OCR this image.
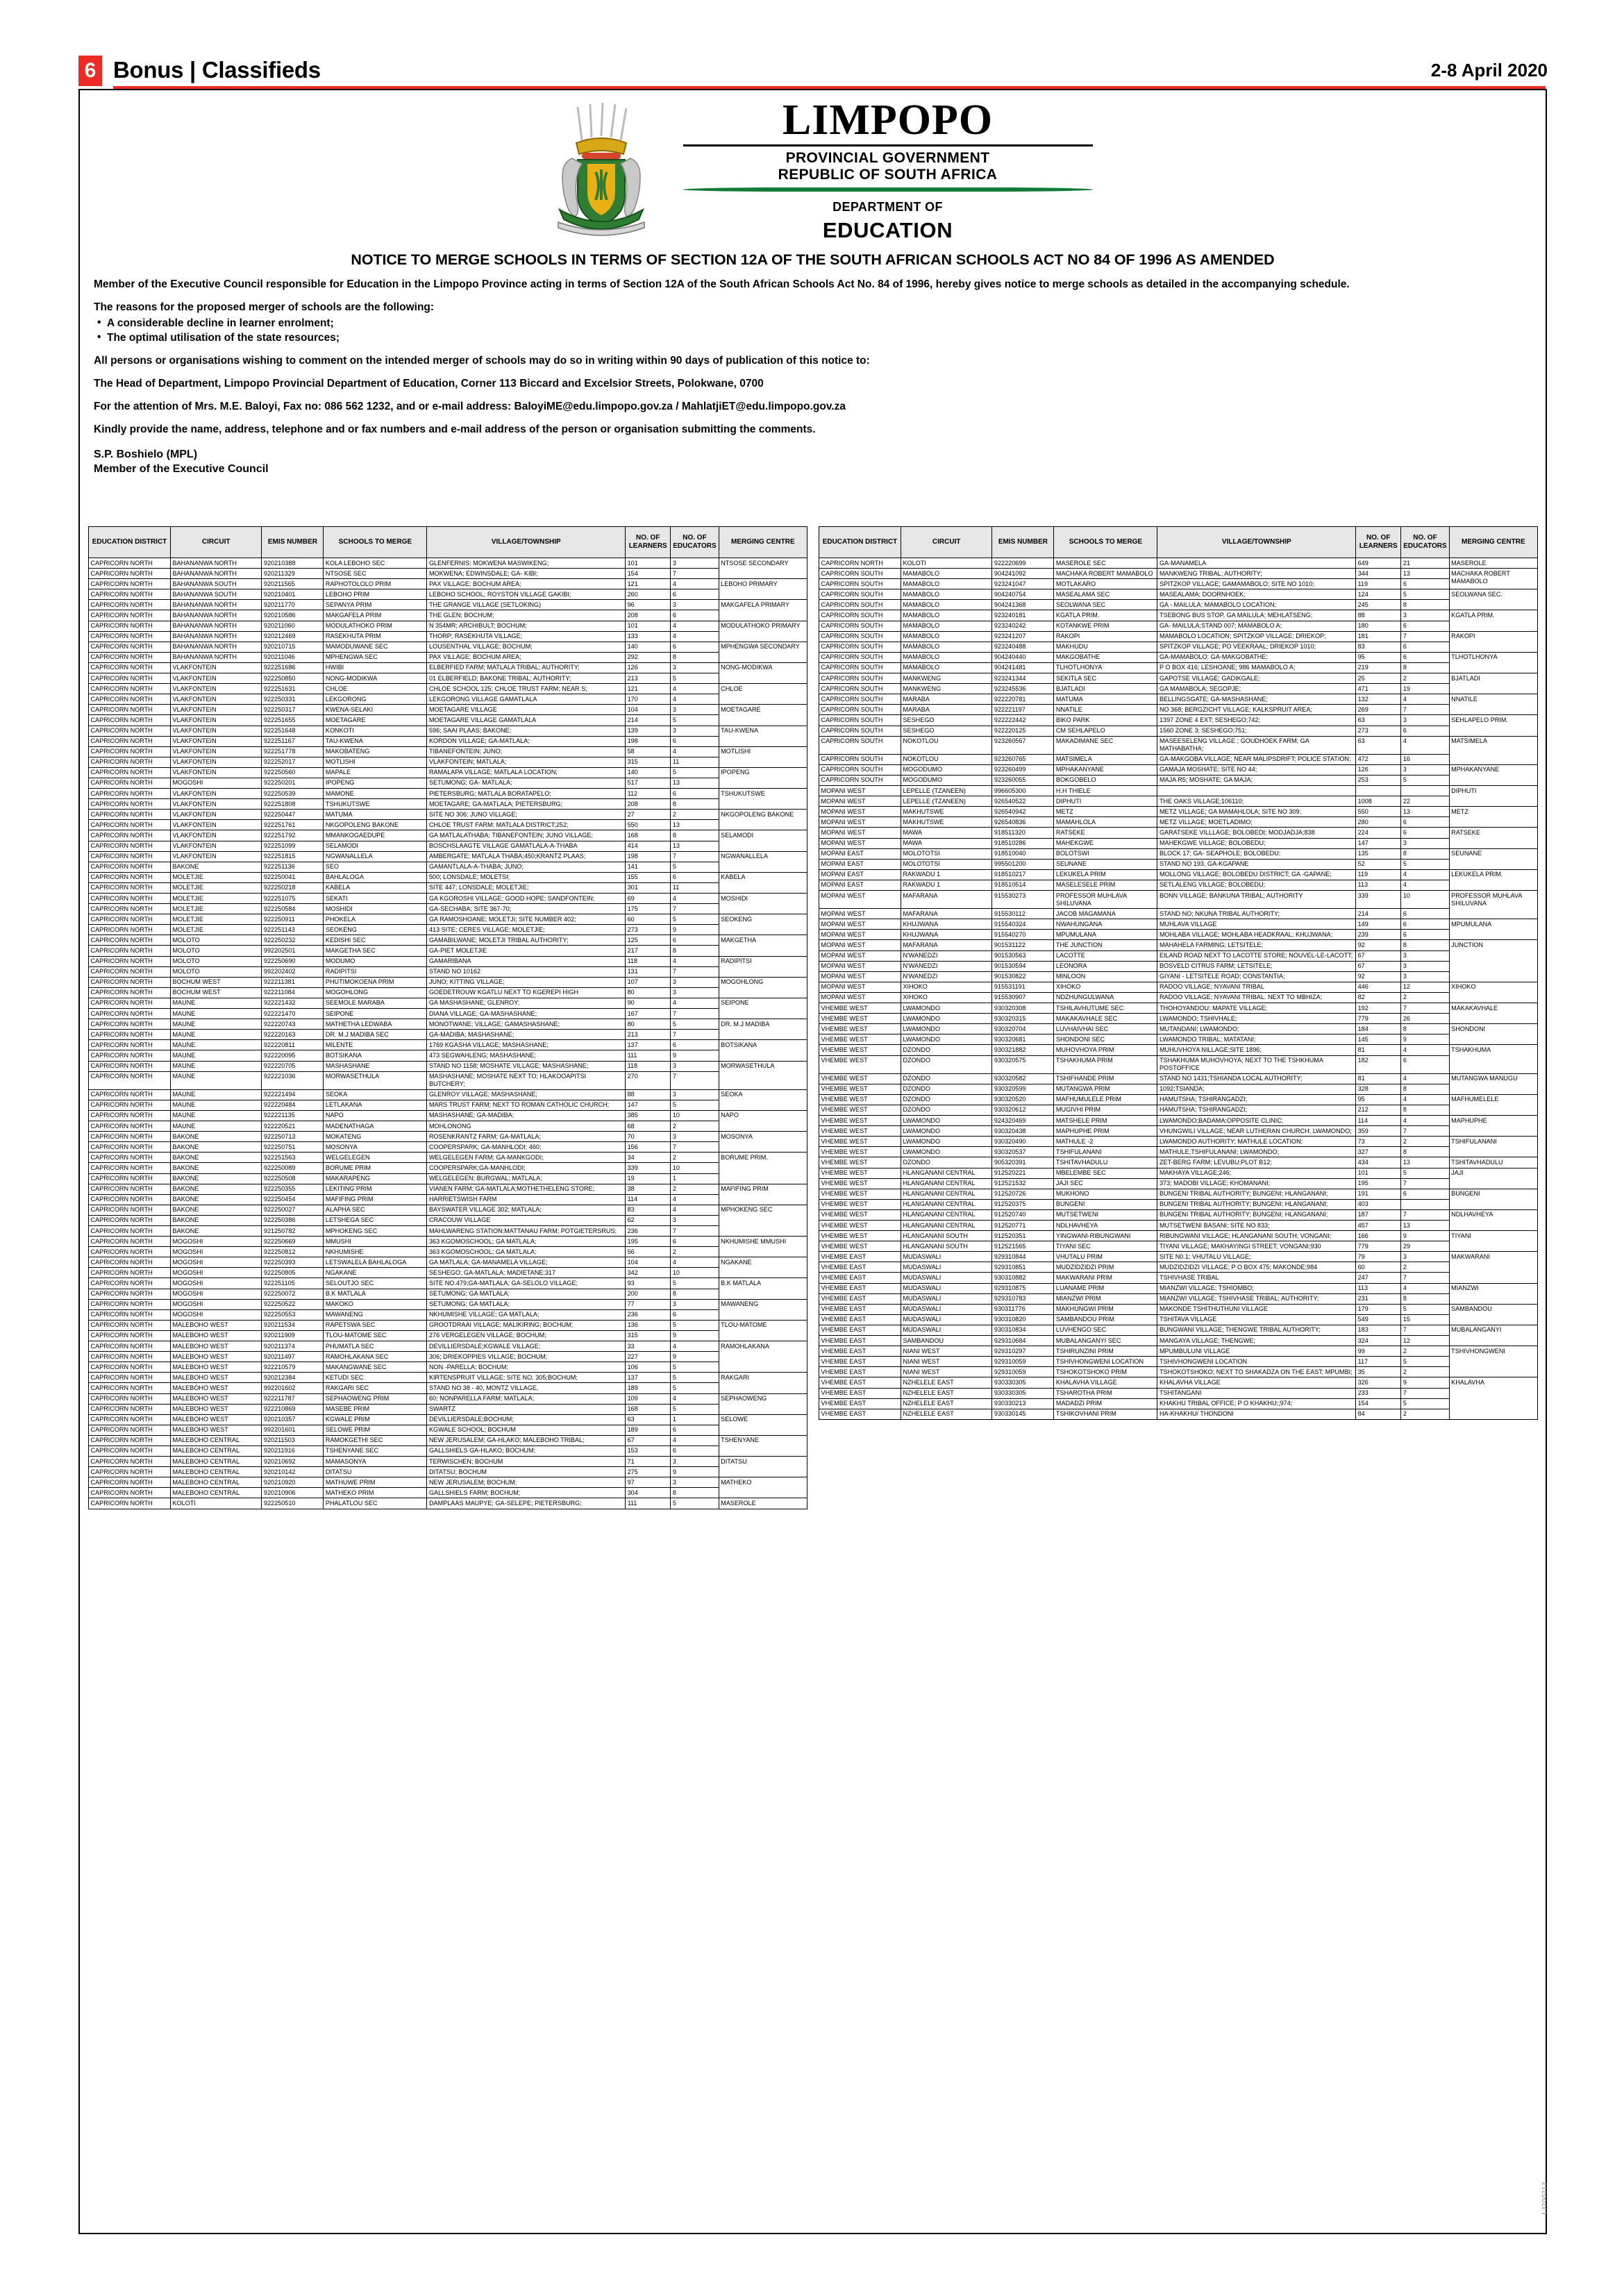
6 Bonus | Classifieds	2-8 April 2020
LIMPOPO
PROVINCIAL GOVERNMENT
REPUBLIC OF SOUTH AFRICA
DEPARTMENT OF
EDUCATION
NOTICE TO MERGE SCHOOLS IN TERMS OF SECTION 12A OF THE SOUTH AFRICAN SCHOOLS ACT NO 84 OF 1996 AS AMENDED
Member of the Executive Council responsible for Education in the Limpopo Province acting in terms of Section 12A of the South African Schools Act No. 84 of 1996, hereby gives notice to merge schools as detailed in the accompanying schedule.
The reasons for the proposed merger of schools are the following:
• A considerable decline in learner enrolment;
• The optimal utilisation of the state resources;
All persons or organisations wishing to comment on the intended merger of schools may do so in writing within 90 days of publication of this notice to:
The Head of Department, Limpopo Provincial Department of Education, Corner 113 Biccard and Excelsior Streets, Polokwane, 0700
For the attention of Mrs. M.E. Baloyi, Fax no: 086 562 1232, and or e-mail address: BaloyiME@edu.limpopo.gov.za / MahlatjiET@edu.limpopo.gov.za
Kindly provide the name, address, telephone and or fax numbers and e-mail address of the person or organisation submitting the comments.
S.P. Boshielo (MPL)
Member of the Executive Council
EDUCATION DISTRICT	CIRCUIT	EMIS NUMBER	SCHOOLS TO MERGE	VILLAGE/TOWNSHIP	NO. OF LEARNERS	NO. OF EDUCATORS	MERGING CENTRE
CAPRICORN NORTH	BAHANANWA NORTH	920210388	KOLA LEBOHO SEC	GLENFERNIS; MOKWENA MASWIKENG;	101	3	NTSOSE SECONDARY
CAPRICORN NORTH	BAHANANWA NORTH	920211329	NTSOSE SEC	MOKWENA; EDWINSDALE; GA- KIBI;	154	7	
CAPRICORN NORTH	BAHANANWA SOUTH	920211565	RAPHOTOLOLO PRIM	PAX VILLAGE; BOCHUM AREA;	121	4	LEBOHO PRIMARY
CAPRICORN NORTH	BAHANANWA SOUTH	920210401	LEBOHO PRIM	LEBOHO SCHOOL; ROYSTON VILLAGE GAKIBI;	260	6	
CAPRICORN NORTH	BAHANANWA NORTH	920211770	SEPANYA PRIM	THE GRANGE VILLAGE (SETLOKING)	96	3	MAKGAFELA PRIMARY
CAPRICORN NORTH	BAHANANWA NORTH	920210586	MAKGAFELA PRIM	THE GLEN; BOCHUM;	208	6	
CAPRICORN NORTH	BAHANANWA NORTH	920211060	MODULATHOKO PRIM	N 354MR; ARCHIBULT; BOCHUM;	101	4	MODULATHOKO PRIMARY
CAPRICORN NORTH	BAHANANWA NORTH	920212469	RASEKHUTA PRIM	THORP; RASEKHUTA VILLAGE;	133	4	
CAPRICORN NORTH	BAHANANWA NORTH	920210715	MAMODUWANE SEC	LOUSENTHAL VILLAGE; BOCHUM;	140	6	MPHENGWA SECONDARY
CAPRICORN NORTH	BAHANANWA NORTH	920211046	MPHENGWA SEC	PAX VILLAGE; BOCHUM AREA;	292	8	
CAPRICORN NORTH	VLAKFONTEIN	922251686	HWIBI	ELBERFIED FARM; MATLALA TRIBAL; AUTHORITY;	126	3	NONG-MODIKWA
CAPRICORN NORTH	VLAKFONTEIN	922250850	NONG-MODIKWA	01 ELBERFIELD; BAKONE TRIBAL; AUTHORITY;	213	5	
CAPRICORN NORTH	VLAKFONTEIN	922251631	CHLOE	CHLOE SCHOOL 125; CHLOE TRUST FARM; NEAR S;	121	4	CHLOE
CAPRICORN NORTH	VLAKFONTEIN	922250331	LEKGORONG	LEKGORONG VILLAGE GAMATLALA	170	4	
CAPRICORN NORTH	VLAKFONTEIN	922250317	KWENA-SELAKI	MOETAGARE VILLAGE	104	3	MOETAGARE
CAPRICORN NORTH	VLAKFONTEIN	922251655	MOETAGARE	MOETAGARE VILLAGE GAMATLALA	214	5	
CAPRICORN NORTH	VLAKFONTEIN	922251648	KONKOTI	596; SAAI PLAAS; BAKONE;	139	3	TAU-KWENA
CAPRICORN NORTH	VLAKFONTEIN	922251167	TAU-KWENA	KORDON VILLAGE; GA-MATLALA;	198	6	
CAPRICORN NORTH	VLAKFONTEIN	922251778	MAKOBATENG	TIBANEFONTEIN; JUNO;	58	4	MOTLISHI
CAPRICORN NORTH	VLAKFONTEIN	922252017	MOTLISHI	VLAKFONTEIN; MATLALA;	315	11	
CAPRICORN NORTH	VLAKFONTEIN	922250560	MAPALE	RAMALAPA VILLAGE; MATLALA LOCATION;	140	5	IPOPENG
CAPRICORN NORTH	MOGOSHI	922250201	IPOPENG	SETUMONG; GA- MATLALA;	517	13	
CAPRICORN NORTH	VLAKFONTEIN	922250539	MAMONE	PIETERSBURG; MATLALA BORATAPELO;	112	6	TSHUKUTSWE
CAPRICORN NORTH	VLAKFONTEIN	922251808	TSHUKUTSWE	MOETAGARE; GA-MATLALA; PIETERSBURG;	208	8	
CAPRICORN NORTH	VLAKFONTEIN	922250447	MATUMA	SITE NO 306; JUNO VILLAGE;	27	2	NKGOPOLENG BAKONE
CAPRICORN NORTH	VLAKFONTEIN	922251761	NKGOPOLENG BAKONE	CHLOE TRUST FARM; MATLALA DISTRICT;252;	550	13	
CAPRICORN NORTH	VLAKFONTEIN	922251792	MMANKOGAEDUPE	GA MATLALATHABA; TIBANEFONTEIN; JUNO VILLAGE;	168	8	SELAMODI
CAPRICORN NORTH	VLAKFONTEIN	922251099	SELAMODI	BOSCHSLAAGTE VILLAGE GAMATLALA-A-THABA	414	13	
CAPRICORN NORTH	VLAKFONTEIN	922251815	NGWANALLELA	AMBERGATE; MATLALA THABA;450;KRANTZ PLAAS;	198	7	NGWANALLELA
CAPRICORN NORTH	BAKONE	922251136	SEO	GAMANTLALA-A-THABA; JUNO;	141	5	
CAPRICORN NORTH	MOLETJIE	922250041	BAHLALOGA	500; LONSDALE; MOLETSI;	155	6	KABELA
CAPRICORN NORTH	MOLETJIE	922250218	KABELA	SITE 447; LONSDALE; MOLETJIE;	301	11	
CAPRICORN NORTH	MOLETJIE	922251075	SEKATI	GA KGOROSHI VILLAGE; GOOD HOPE; SANDFONTEIN;	69	4	MOSHIDI
CAPRICORN NORTH	MOLETJIE	922250584	MOSHIDI	GA-SECHABA; SITE 367-70;	175	7	
CAPRICORN NORTH	MOLETJIE	922250911	PHOKELA	GA RAMOSHOANE; MOLETJI; SITE NUMBER 402;	60	5	SEOKENG
CAPRICORN NORTH	MOLETJIE	922251143	SEOKENG	413 SITE; CERES VILLAGE; MOLETJIE;	273	9	
CAPRICORN NORTH	MOLOTO	922250232	KEDISHI SEC	GAMABILWANE; MOLETJI TRIBAL AUTHORITY;	125	6	MAKGETHA
CAPRICORN NORTH	MOLOTO	992202501	MAKGETHA SEC	GA-PIET MOLETJIE	217	8	
CAPRICORN NORTH	MOLOTO	922250690	MODUMO	GAMARIBANA	118	4	RADIPITSI
CAPRICORN NORTH	MOLOTO	992202402	RADIPITSI	STAND NO 10162	131	7	
CAPRICORN NORTH	BOCHUM WEST	922211381	PHUTIMOKOENA PRIM	JUNO; KITTING VILLAGE;	107	3	MOGOHLONG
CAPRICORN NORTH	BOCHUM WEST	922211084	MOGOHLONG	GOEDETROUW KGATLU NEXT TO KGEREPI HIGH	80	3	
CAPRICORN NORTH	MAUNE	922221432	SEEMOLE MARABA	GA MASHASHANE; GLENROY;	90	4	SEIPONE
CAPRICORN NORTH	MAUNE	922221470	SEIPONE	DIANA VILLAGE; GA-MASHASHANE;	167	7	
CAPRICORN NORTH	MAUNE	922220743	MATHETHA LEDWABA	MONOTWANE; VILLAGE; GAMASHASHANE;	80	5	DR. M.J MADIBA
CAPRICORN NORTH	MAUNE	922220163	DR. M.J MADIBA SEC	GA-MADIBA; MASHASHANE;	213	7	
CAPRICORN NORTH	MAUNE	922220811	MILENTE	1769 KGASHA VILLAGE; MASHASHANE;	137	6	BOTSIKANA
CAPRICORN NORTH	MAUNE	922220095	BOTSIKANA	473 SEGWAHLENG; MASHASHANE;	111	9	
CAPRICORN NORTH	MAUNE	922220705	MASHASHANE	STAND NO 1158; MOSHATE VILLAGE; MASHASHANE;	118	3	MORWASETHULA
CAPRICORN NORTH	MAUNE	922221036	MORWASETHULA	MASHASHANE; MOSHATE NEXT TO; HLAKOOAPITSI BUTCHERY;	270	7	
CAPRICORN NORTH	MAUNE	922221494	SEOKA	GLENROY VILLAGE; MASHASHANE;	88	3	SEOKA
CAPRICORN NORTH	MAUNE	922220484	LETLAKANA	MARS TRUST FARM; NEXT TO ROMAN CATHOLIC CHURCH;	147	5	
CAPRICORN NORTH	MAUNE	922221135	NAPO	MASHASHANE; GA-MADIBA;	385	10	NAPO
CAPRICORN NORTH	MAUNE	922220521	MADENATHAGA	MOHLONONG	68	2	
CAPRICORN NORTH	BAKONE	922250713	MOKATENG	ROSENKRANTZ FARM; GA-MATLALA;	70	3	MOSONYA
CAPRICORN NORTH	BAKONE	922250751	MOSONYA	COOPERSPARK; GA-MANHLODI; 460;	156	7	
CAPRICORN NORTH	BAKONE	922251563	WELGELEGEN	WELGELEGEN FARM; GA-MANKGODI;	34	2	BORUME PRIM.
CAPRICORN NORTH	BAKONE	922250089	BORUME PRIM	COOPERSPARK;GA-MANHLODI;	339	10	
CAPRICORN NORTH	BAKONE	922250508	MAKARAPENG	WELGELEGEN; BURGWAL; MATLALA;	19	1	
CAPRICORN NORTH	BAKONE	922250355	LEKITING PRIM	VIANEN FARM; GA-MATLALA;MOTHETHELENG STORE;	38	2	MAFIFING PRIM
CAPRICORN NORTH	BAKONE	922250454	MAFIFING PRIM	HARRIETSWISH FARM	114	4	
CAPRICORN NORTH	BAKONE	922250027	ALAPHA SEC	BAYSWATER VILLAGE 302; MATLALA;	83	4	MPHOKENG SEC
CAPRICORN NORTH	BAKONE	922250386	LETSHEGA SEC	CRACOUW VILLAGE	62	3	
CAPRICORN NORTH	BAKONE	921250782	MPHOKENG SEC	MAHLWARENG STATION;MATTANAU FARM; POTGIETERSRUS;	236	7	
CAPRICORN NORTH	MOGOSHI	922250669	MMUSHI	363 KGOMOSCHOOL; GA MATLALA;	195	6	NKHUMISHE MMUSHI
CAPRICORN NORTH	MOGOSHI	922250812	NKHUMISHE	363 KGOMOSCHOOL; GA MATLALA;	56	2	
CAPRICORN NORTH	MOGOSHI	922250393	LETSWALELA BAHLALOGA	GA MATLALA; GA-MANAMELA VILLAGE;	104	4	NGAKANE
CAPRICORN NORTH	MOGOSHI	922250805	NGAKANE	SESHEGO; GA-MATLALA; MADIETANE;317	342	10	
CAPRICORN NORTH	MOGOSHI	922251105	SELOUTJO SEC	SITE NO.479;GA-MATLALA; GA-SELOLO VILLAGE;	93	5	B.K MATLALA
CAPRICORN NORTH	MOGOSHI	922250072	B.K MATLALA	SETUMONG; GA MATLALA;	200	8	
CAPRICORN NORTH	MOGOSHI	922250522	MAKOKO	SETUMONG; GA MATLALA;	77	3	MAWANENG
CAPRICORN NORTH	MOGOSHI	922250553	MAWANENG	NKHUMISHE VILLAGE; GA MATLALA;	236	6	
CAPRICORN NORTH	MALEBOHO WEST	920211534	RAPETSWA SEC	GROOTDRAAI VILLAGE; MALIKIRING; BOCHUM;	136	5	TLOU-MATOME
CAPRICORN NORTH	MALEBOHO WEST	920211909	TLOU-MATOME SEC	276 VERGELEGEN VILLAGE; BOCHUM;	315	9	
CAPRICORN NORTH	MALEBOHO WEST	920211374	PHUMATLA SEC	DEVILLIERSDALE;KGWALE VILLAGE;	33	4	RAMOHLAKANA
CAPRICORN NORTH	MALEBOHO WEST	920211497	RAMOHLAKANA SEC	306; DRIEKOPPIES VILLAGE; BOCHUM;	227	9	
CAPRICORN NORTH	MALEBOHO WEST	922210579	MAKANGWANE SEC	NON -PARELLA; BOCHUM;	106	5	
CAPRICORN NORTH	MALEBOHO WEST	920212384	KETUDI SEC	KIRTENSPRUIT VILLAGE; SITE NO. 305;BOCHUM;	137	5	RAKGARI
CAPRICORN NORTH	MALEBOHO WEST	992201602	RAKGARI SEC	STAND NO 38 - 40, MONTZ VILLAGE,	189	5	
CAPRICORN NORTH	MALEBOHO WEST	922211787	SEPHAOWENG PRIM	60; NONPARELLA FARM; MATLALA;	109	4	SEPHAOWENG
CAPRICORN NORTH	MALEBOHO WEST	922210869	MASEBE PRIM	SWARTZ	168	5	
CAPRICORN NORTH	MALEBOHO WEST	920210357	KGWALE PRIM	DEVILLIERSDALE;BOCHUM;	63	1	SELOWE
CAPRICORN NORTH	MALEBOHO WEST	992201601	SELOWE PRIM	KGWALE SCHOOL; BOCHUM	189	6	
CAPRICORN NORTH	MALEBOHO CENTRAL	920211503	RAMOKGETHI SEC	NEW JERUSALEM; GA-HLAKO; MALEBOHO TRIBAL;	67	4	TSHENYANE
CAPRICORN NORTH	MALEBOHO CENTRAL	920211916	TSHENYANE SEC	GALLSHIELS GA-HLAKO; BOCHUM;	153	6	
CAPRICORN NORTH	MALEBOHO CENTRAL	920210692	MAMASONYA	TERWISCHEN; BOCHUM	71	3	DITATSU
CAPRICORN NORTH	MALEBOHO CENTRAL	920210142	DITATSU	DITATSU; BOCHUM	275	9	
CAPRICORN NORTH	MALEBOHO CENTRAL	920210920	MATHUWE PRIM	NEW JERUSALEM; BOCHUM;	97	3	MATHEKO
CAPRICORN NORTH	MALEBOHO CENTRAL	920210906	MATHEKO PRIM	GALLSHIELS FARM; BOCHUM;	304	8	
CAPRICORN NORTH	KOLOTI	922250510	PHALATLOU SEC	DAMPLAAS MAUPYE; GA-SELEPE; PIETERSBURG;	111	5	MASEROLE
EDUCATION DISTRICT	CIRCUIT	EMIS NUMBER	SCHOOLS TO MERGE	VILLAGE/TOWNSHIP	NO. OF LEARNERS	NO. OF EDUCATORS	MERGING CENTRE
CAPRICORN NORTH	KOLOTI	922220699	MASEROLE SEC	GA-MANAMELA	649	21	MASEROLE
CAPRICORN SOUTH	MAMABOLO	904241092	MACHAKA ROBERT MAMABOLO	MANKWENG TRIBAL; AUTHORITY;	344	13	MACHAKA ROBERT MAMABOLO
CAPRICORN SOUTH	MAMABOLO	923241047	MOTLAKARO	SPITZKOP VILLAGE; GAMAMABOLO; SITE NO 1010;	119	6	
CAPRICORN SOUTH	MAMABOLO	904240754	MASEALAMA SEC	MASEALAMA; DOORNHOEK;	124	5	SEOLWANA SEC.
CAPRICORN SOUTH	MAMABOLO	904241368	SEOLWANA SEC	GA - MAILULA; MAMABOLO LOCATION;	245	8	
CAPRICORN SOUTH	MAMABOLO	923240181	KGATLA PRIM.	TSEBONG BUS STOP, GA MAILULA; MEHLATSENG;	88	3	KGATLA PRIM.
CAPRICORN SOUTH	MAMABOLO	923240242	KOTANKWE PRIM	GA- MAILULA;STAND 007; MAMABOLO A;	180	6	
CAPRICORN SOUTH	MAMABOLO	923241207	RAKOPI	MAMABOLO LOCATION; SPITZKOP VILLAGE; DRIEKOP;	181	7	RAKOPI
CAPRICORN SOUTH	MAMABOLO	923240488	MAKHUDU	SPITZKOP VILLAGE; PO VEEKRAAL; DRIEKOP 1010;	83	6	
CAPRICORN SOUTH	MAMABOLO	904240440	MAKGOBATHE	GA-MAMABOLO; GA-MAKGOBATHE;	95	6	TLHOTLHONYA
CAPRICORN SOUTH	MAMABOLO	904241481	TLHOTLHONYA	P O BOX 416; LESHOANE; 986 MAMABOLO A;	219	8	
CAPRICORN SOUTH	MANKWENG	923241344	SEKITLA SEC	GAPOTSE VILLAGE; GADIKGALE;	25	2	BJATLADI
CAPRICORN SOUTH	MANKWENG	923245536	BJATLADI	GA MAMABOLA; SEGOPJE;	471	19	
CAPRICORN SOUTH	MARABA	922220781	MATUMA	BELLINGSGATE; GA-MASHASHANE;	132	4	NNATILE
CAPRICORN SOUTH	MARABA	922221197	NNATILE	NO 368; BERGZICHT VILLAGE; KALKSPRUIT AREA;	269	7	
CAPRICORN SOUTH	SESHEGO	922222442	BIKO PARK	1397 ZONE 4 EXT; SESHEGO;742;	63	3	SEHLAPELO PRIM.
CAPRICORN SOUTH	SESHEGO	922220125	CM SEHLAPELO	1560 ZONE 3; SESHEGO;751;	273	6	
CAPRICORN SOUTH	NOKOTLOU	923260567	MAKADIMANE SEC	MASEESELENG VILLAGE ; GOUDHOEK FARM; GA MATHABATHA;	63	4	MATSIMELA
CAPRICORN SOUTH	NOKOTLOU	923260765	MATSIMELA	GA-MAKGOBA VILLAGE; NEAR MALIPSDRIFT; POLICE STATION;	472	16	
CAPRICORN SOUTH	MOGODUMO	923260499	MPHAKANYANE	GAMAJA MOSHATE; SITE NO 44;	126	3	MPHAKANYANE
CAPRICORN SOUTH	MOGODUMO	923260055	BOKGOBELO	MAJA R5; MOSHATE; GA MAJA;	253	5	
MOPANI WEST	LEPELLE (TZANEEN)	996605300	H.H THIELE				DIPHUTI
MOPANI WEST	LEPELLE (TZANEEN)	926540522	DIPHUTI	THE OAKS VILLAGE;106110;	1008	22	
MOPANI WEST	MAKHUTSWE	926540942	METZ	METZ VILLAGE; GA MAMAHLOLA; SITE NO 309;	550	13	METZ
MOPANI WEST	MAKHUTSWE	926540836	MAMAHLOLA	METZ VILLAGE; MOETLADIMO;	280	6	
MOPANI WEST	MAWA	918511320	RATSEKE	GARATSEKE VILLLAGE; BOLOBEDI; MODJADJA;838	224	6	RATSEKE
MOPANI WEST	MAWA	918510286	MAHEKGWE	MAHEKGWE VILLAGE; BOLOBEDU;	147	3	
MOPANI EAST	MOLOTOTSI	918510040	BOLOTSWI	BLOCK 17; GA- SEAPHOLE; BOLOBEDU;	135	8	SEUNANE
MOPANI EAST	MOLOTOTSI	995501200	SEUNANE	STAND NO 193, GA-KGAPANE	52	5	
MOPANI EAST	RAKWADU 1	918510217	LEKUKELA PRIM	MOLLONG VILLAGE; BOLOBEDU DISTRICT; GA -GAPANE;	119	4	LEKUKELA PRIM.
MOPANI EAST	RAKWADU 1	918510514	MASELESELE PRIM	SETLALENG VILLAGE; BOLOBEDU;	113	4	
MOPANI WEST	MAFARANA	915530273	PROFESSOR MUHLAVA SHILUVANA	BONN VILLAGE; BANKUNA TRIBAL; AUTHORITY	339	10	PROFESSOR MUHLAVA SHILUVANA
MOPANI WEST	MAFARANA	915530112	JACOB MAGAMANA	STAND NO; NKUNA TRIBAL AUTHORITY;	214	6	
MOPANI WEST	KHUJWANA	915540324	NWAHUNGANA	MUHLAVA VILLAGE	149	6	MPUMULANA
MOPANI WEST	KHUJWANA	915540270	MPUMULANA	MOHLABA VILLAGE; MOHLABA HEADKRAAL; KHUJWANA;	239	6	
MOPANI WEST	MAFARANA	901531122	THE JUNCTION	MAHAHELA FARMING; LETSITELE;	92	8	JUNCTION
MOPANI WEST	N'WANEDZI	901530563	LACOTTE	EILAND ROAD NEXT TO LACOTTE STORE; NOUVEL-LE-LACOTT;	67	3	
MOPANI WEST	N'WANEDZI	901530594	LEONORA	BOSVELD CITRUS FARM; LETSITELE;	67	3	
MOPANI WEST	N'WANEDZI	901530822	MINLOON	GIYANI - LETSITELE ROAD; CONSTANTIA;	92	3	
MOPANI WEST	XIHOKO	915531191	XIHOKO	RADOO VILLAGE; NYAVANI TRIBAL	446	12	XIHOKO
MOPANI WEST	XIHOKO	915530907	NDZHUNGULWANA	RADOO VILLAGE; NYAVANI TRIBAL. NEXT TO MBHIZA;	82	2	
VHEMBE WEST	LWAMONDO	930320308	TSHILAVHUTUME SEC	THOHOYANDOU; MAPATE VILLAGE;	192	7	MAKAKAVHALE
VHEMBE WEST	LWAMONDO	930320315	MAKAKAVHALE SEC	LWAMONDO; TSHIVHALE;	779	26	
VHEMBE WEST	LWAMONDO	930320704	LUVHAIVHAI SEC	MUTANDANI; LWAMONDO;	184	8	SHONDONI
VHEMBE WEST	LWAMONDO	930320681	SHONDONI SEC	LWAMONDO TRIBAL; MATATANI;	145	9	
VHEMBE WEST	DZONDO	930321882	MUHOVHOYA PRIM	MUHUVHOYA NILLAGE;SITE 1896;	81	4	TSHAKHUMA
VHEMBE WEST	DZONDO	930320575	TSHAKHUMA PRIM	TSHAKHUMA MUHOVHOYA; NEXT TO THE TSHKHUMA POSTOFFICE	182	6	
VHEMBE WEST	DZONDO	930320582	TSHIFHANDE PRIM	STAND NO 1431;TSHIANDA LOCAL AUTHORITY;	81	4	MUTANGWA MANUGU
VHEMBE WEST	DZONDO	930320599	MUTANGWA PRIM	1092;TSIANDA;	328	8	
VHEMBE WEST	DZONDO	930320520	MAFHUMULELE PRIM	HAMUTSHA; TSHIRANGADZI;	95	4	MAFHUMELELE
VHEMBE WEST	DZONDO	930320612	MUGIVHI PRIM	HAMUTSHA; TSHIRANGADZI;	212	8	
VHEMBE WEST	LWAMONDO	924320469	MATSHELE PRIM	LWAMONDO;BADAMA;OPPOSITE CLINIC;	114	4	MAPHUPHE
VHEMBE WEST	LWAMONDO	930320438	MAPHUPHE PRIM	VHUNGWILI VILLAGE; NEAR LUTHERAN CHURCH; LWAMONDO;	359	7	
VHEMBE WEST	LWAMONDO	930320490	MATHULE -2	LWAMONDO AUTHORITY; MATHULE LOCATION;	73	2	TSHIFULANANI
VHEMBE WEST	LWAMONDO	930320537	TSHIFULANANI	MATHULE;TSHIFULANANI; LWAMONDO;	327	8	
VHEMBE WEST	DZONDO	905320391	TSHITAVHADULU	ZET-BERG FARM; LEVUBU;PLOT B12;	434	13	TSHITAVHADULU
VHEMBE WEST	HLANGANANI CENTRAL	912520221	MBELEMBE SEC	MAKHAYA VILLAGE;246;	101	5	JAJI
VHEMBE WEST	HLANGANANI CENTRAL	912521532	JAJI SEC	373; MADOBI VILLAGE; KHOMANANI;	195	7	
VHEMBE WEST	HLANGANANI CENTRAL	912520726	MUKHONO	BUNGENI TRIBAL AUTHORITY; BUNGENI; HLANGANANI;	191	6	BUNGENI
VHEMBE WEST	HLANGANANI CENTRAL	912520375	BUNGENI	BUNGENI TRIBAL AUTHORITY; BUNGENI; HLANGANANI;	403		
VHEMBE WEST	HLANGANANI CENTRAL	912520740	MUTSETWENI	BUNGENI TRIBAL AUTHORITY; BUNGENI; HLANGANANI;	187	7	NDLHAVHEYA
VHEMBE WEST	HLANGANANI CENTRAL	912520771	NDLHAVHEYA	MUTSETWENI BASANI; SITE NO 833;	457	13	
VHEMBE WEST	HLANGANANI SOUTH	912520351	YINGWANI-RIBUNGWANI	RIBUNGWANI VILLAGE; HLANGANANI SOUTH; VONGANI;	166	9	TIYANI
VHEMBE WEST	HLANGANANI SOUTH	912521565	TIYANI SEC	TIYANI VILLAGE; MAKHAYINGI STREET; VONGANI;930	779	29	
VHEMBE EAST	MUDASWALI	929310844	VHUTALU PRIM	SITE N0.1; VHUTALU VILLAGE;	79	3	MAKWARANI
VHEMBE EAST	MUDASWALI	929310851	MUDZIDZIDZI PRIM	MUDZIDZIDZI VILLAGE; P O BOX 475; MAKONDE;984	60	2	
VHEMBE EAST	MUDASWALI	930310882	MAKWARANI PRIM	TSHIVHASE TRIBAL	247	7	
VHEMBE EAST	MUDASWALI	929310875	LUANAME PRIM	MIANZWI VILLAGE; TSHIOMBO;	113	4	MIANZWI
VHEMBE EAST	MUDASWALI	929310783	MIANZWI PRIM	MIANZWI VILLAGE; TSHIVHASE TRIBAL; AUTHORITY;	231	8	
VHEMBE EAST	MUDASWALI	930311776	MAKHUNGWI PRIM	MAKONDE TSHITHUTHUNI VILLAGE	179	5	SAMBANDOU
VHEMBE EAST	MUDASWALI	930310820	SAMBANDOU PRIM	TSHITAVA VILLAGE	549	15	
VHEMBE EAST	MUDASWALI	930310834	LUVHENGO SEC	BUNGWANI VILLAGE; THENGWE TRIBAL AUTHORITY;	183	7	MUBALANGANYI
VHEMBE EAST	SAMBANDOU	929310684	MUBALANGANYI SEC	MANGAYA VILLAGE; THENGWE;	324	12	
VHEMBE EAST	NIANI WEST	929310297	TSHIRUNZINI PRIM	MPUMBULUNI VILLAGE	99	2	TSHIVHONGWENI
VHEMBE EAST	NIANI WEST	929310059	TSHIVHONGWENI LOCATION	TSHIVHONGWENI LOCATION	117	5	
VHEMBE EAST	NIANI WEST	929310059	TSHOKOTSHOKO PRIM	TSHOKOTSHOKO; NEXT TO SHAKADZA ON THE EAST; MPUMBI;	35	2	
VHEMBE EAST	NZHELELE EAST	930330305	KHALAVHA VILLAGE	KHALAVHA VILLAGE	326	9	KHALAVHA
VHEMBE EAST	NZHELELE EAST	930330305	TSHAROTHA PRIM	TSHITANGANI	233	7	
VHEMBE EAST	NZHELELE EAST	930330213	MADADZI PRIM	KHAKHU TRIBAL OFFICE; P O KHAKHU;;974;	154	5	
VHEMBE EAST	NZHELELE EAST	930330145	TSHIKOVHANI PRIM	HA-KHAKHU/ THONDONI	84	2	
LJ200212
